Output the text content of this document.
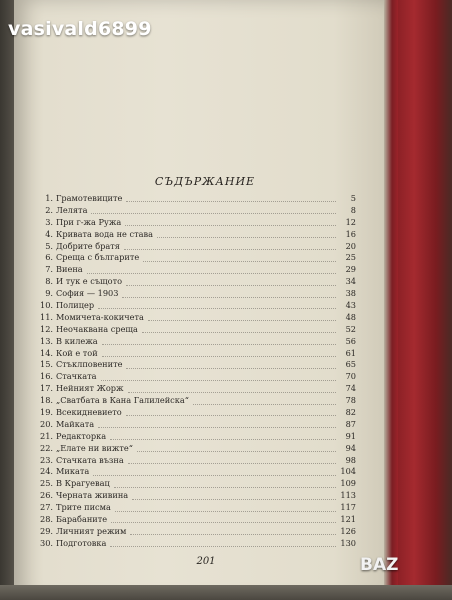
vasivald6899
СЪДЪРЖАНИЕ
1. Грамотевиците	5
2. Лелята	8
3. При г-жа Ружа	12
4. Кривата вода не става	16
5. Добрите братя	20
6. Среща с българите	25
7. Виена	29
8. И тук е същото	34
9. София — 1903	38
10. Полицер	43
11. Момичета-кокичета	48
12. Неочаквана среща	52
13. В килежа	56
14. Кой е той	61
15. Стъклповените	65
16. Стачката	70
17. Нейният Жорж	74
18. „Сватбата в Кана Галилейска“	78
19. Всекидневието	82
20. Майката	87
21. Редакторка	91
22. „Елате ни вижте“	94
23. Стачката възна	98
24. Миката	104
25. В Крагуевац	109
26. Черната живина	113
27. Трите писма	117
28. Барабаните	121
29. Личният режим	126
30. Подготовка	130
201	BAZ
